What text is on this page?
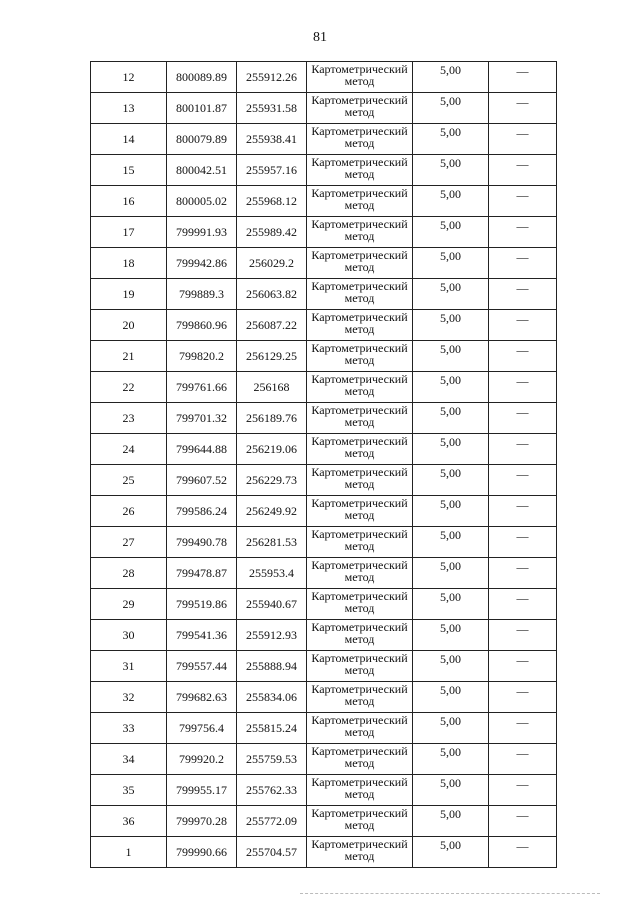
81
12	800089.89	255912.26	Картометрический метод	5,00	—
13	800101.87	255931.58	Картометрический метод	5,00	—
14	800079.89	255938.41	Картометрический метод	5,00	—
15	800042.51	255957.16	Картометрический метод	5,00	—
16	800005.02	255968.12	Картометрический метод	5,00	—
17	799991.93	255989.42	Картометрический метод	5,00	—
18	799942.86	256029.2	Картометрический метод	5,00	—
19	799889.3	256063.82	Картометрический метод	5,00	—
20	799860.96	256087.22	Картометрический метод	5,00	—
21	799820.2	256129.25	Картометрический метод	5,00	—
22	799761.66	256168	Картометрический метод	5,00	—
23	799701.32	256189.76	Картометрический метод	5,00	—
24	799644.88	256219.06	Картометрический метод	5,00	—
25	799607.52	256229.73	Картометрический метод	5,00	—
26	799586.24	256249.92	Картометрический метод	5,00	—
27	799490.78	256281.53	Картометрический метод	5,00	—
28	799478.87	255953.4	Картометрический метод	5,00	—
29	799519.86	255940.67	Картометрический метод	5,00	—
30	799541.36	255912.93	Картометрический метод	5,00	—
31	799557.44	255888.94	Картометрический метод	5,00	—
32	799682.63	255834.06	Картометрический метод	5,00	—
33	799756.4	255815.24	Картометрический метод	5,00	—
34	799920.2	255759.53	Картометрический метод	5,00	—
35	799955.17	255762.33	Картометрический метод	5,00	—
36	799970.28	255772.09	Картометрический метод	5,00	—
1	799990.66	255704.57	Картометрический метод	5,00	—
